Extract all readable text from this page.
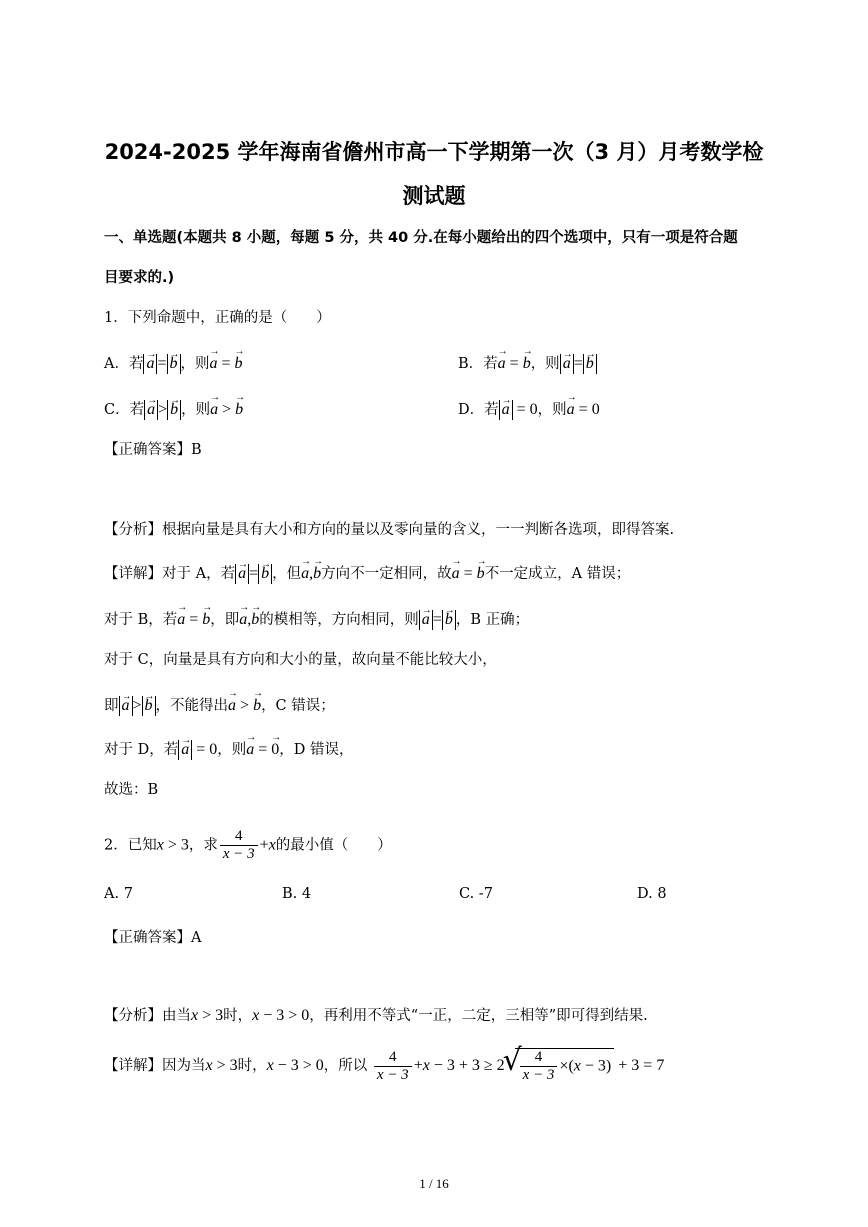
2024-2025 学年海南省儋州市高一下学期第一次（3 月）月考数学检
测试题
一、单选题(本题共 8 小题，每题 5 分，共 40 分.在每小题给出的四个选项中，只有一项是符合题
目要求的.)
1．下列命题中，正确的是（　　）
A．若 → a = → b ，则→ a = → b	B．若→ a = → b，则 → a = → b
C．若 → a > → b ，则→ a > → b	D．若 → a = 0，则→ a = 0
【正确答案】B
【分析】根据向量是具有大小和方向的量以及零向量的含义，一一判断各选项，即得答案.
【详解】对于 A，若 → a = → b ，但→ a,→ b方向不一定相同，故→ a = → b不一定成立，A 错误；
对于 B，若→ a = → b，即→ a,→ b的模相等，方向相同，则 → a = → b ，B 正确；
对于 C，向量是具有方向和大小的量，故向量不能比较大小，
即 → a > → b ，不能得出→ a > → b，C 错误；
对于 D，若 → a = 0，则→ a = → 0，D 错误，
故选：B
2．已知x > 3，求 $\frac{4}{x - 3} +x$的最小值（　　）
A. 7	B. 4	C. -7	D. 8
【正确答案】A
【分析】由当x > 3时，x − 3 > 0，再利用不等式“一正，二定，三相等”即可得到结果.
【详解】因为当x > 3时，x − 3 > 0，所以 $\frac{4}{x - 3} +x - 3 + 3 \ge 2$ √ $\frac{4}{x - 3} \times(x - 3) + 3 = 7$
1 / 16
